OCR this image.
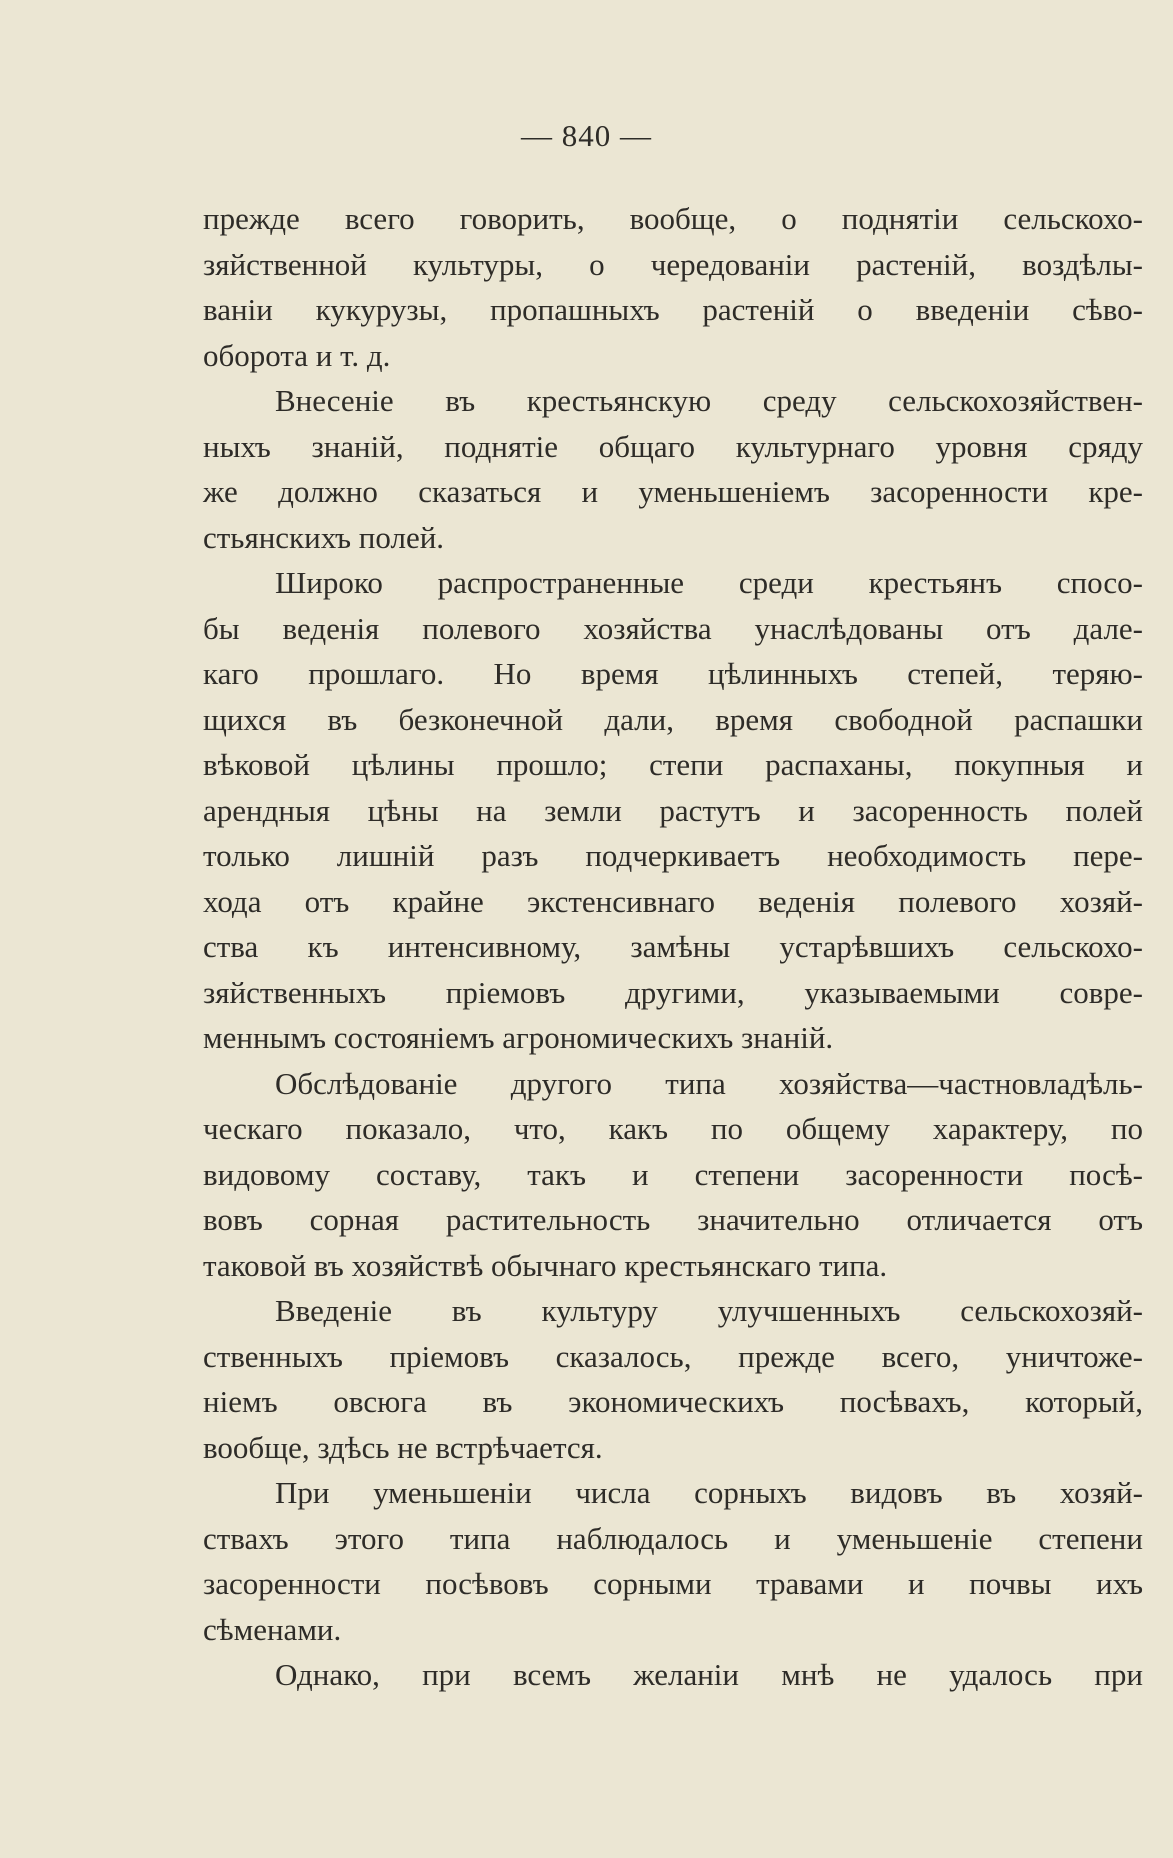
— 840 —
прежде всего говорить, вообще, о поднятіи сельскохо-
зяйственной культуры, о чередованіи растеній, воздѣлы-
ваніи кукурузы, пропашныхъ растеній о введеніи сѣво-
оборота и т. д.
Внесеніе въ крестьянскую среду сельскохозяйствен-
ныхъ знаній, поднятіе общаго культурнаго уровня сряду
же должно сказаться и уменьшеніемъ засоренности кре-
стьянскихъ полей.
Широко распространенные среди крестьянъ спосо-
бы веденія полевого хозяйства унаслѣдованы отъ дале-
каго прошлаго. Но время цѣлинныхъ степей, теряю-
щихся въ безконечной дали, время свободной распашки
вѣковой цѣлины прошло; степи распаханы, покупныя и
арендныя цѣны на земли растутъ и засоренность полей
только лишній разъ подчеркиваетъ необходимость пере-
хода отъ крайне экстенсивнаго веденія полевого хозяй-
ства къ интенсивному, замѣны устарѣвшихъ сельскохо-
зяйственныхъ пріемовъ другими, указываемыми совре-
меннымъ состояніемъ агрономическихъ знаній.
Обслѣдованіе другого типа хозяйства—частновладѣль-
ческаго показало, что, какъ по общему характеру, по
видовому составу, такъ и степени засоренности посѣ-
вовъ сорная растительность значительно отличается отъ
таковой въ хозяйствѣ обычнаго крестьянскаго типа.
Введеніе въ культуру улучшенныхъ сельскохозяй-
ственныхъ пріемовъ сказалось, прежде всего, уничтоже-
ніемъ овсюга въ экономическихъ посѣвахъ, который,
вообще, здѣсь не встрѣчается.
При уменьшеніи числа сорныхъ видовъ въ хозяй-
ствахъ этого типа наблюдалось и уменьшеніе степени
засоренности посѣвовъ сорными травами и почвы ихъ
сѣменами.
Однако, при всемъ желаніи мнѣ не удалось при
